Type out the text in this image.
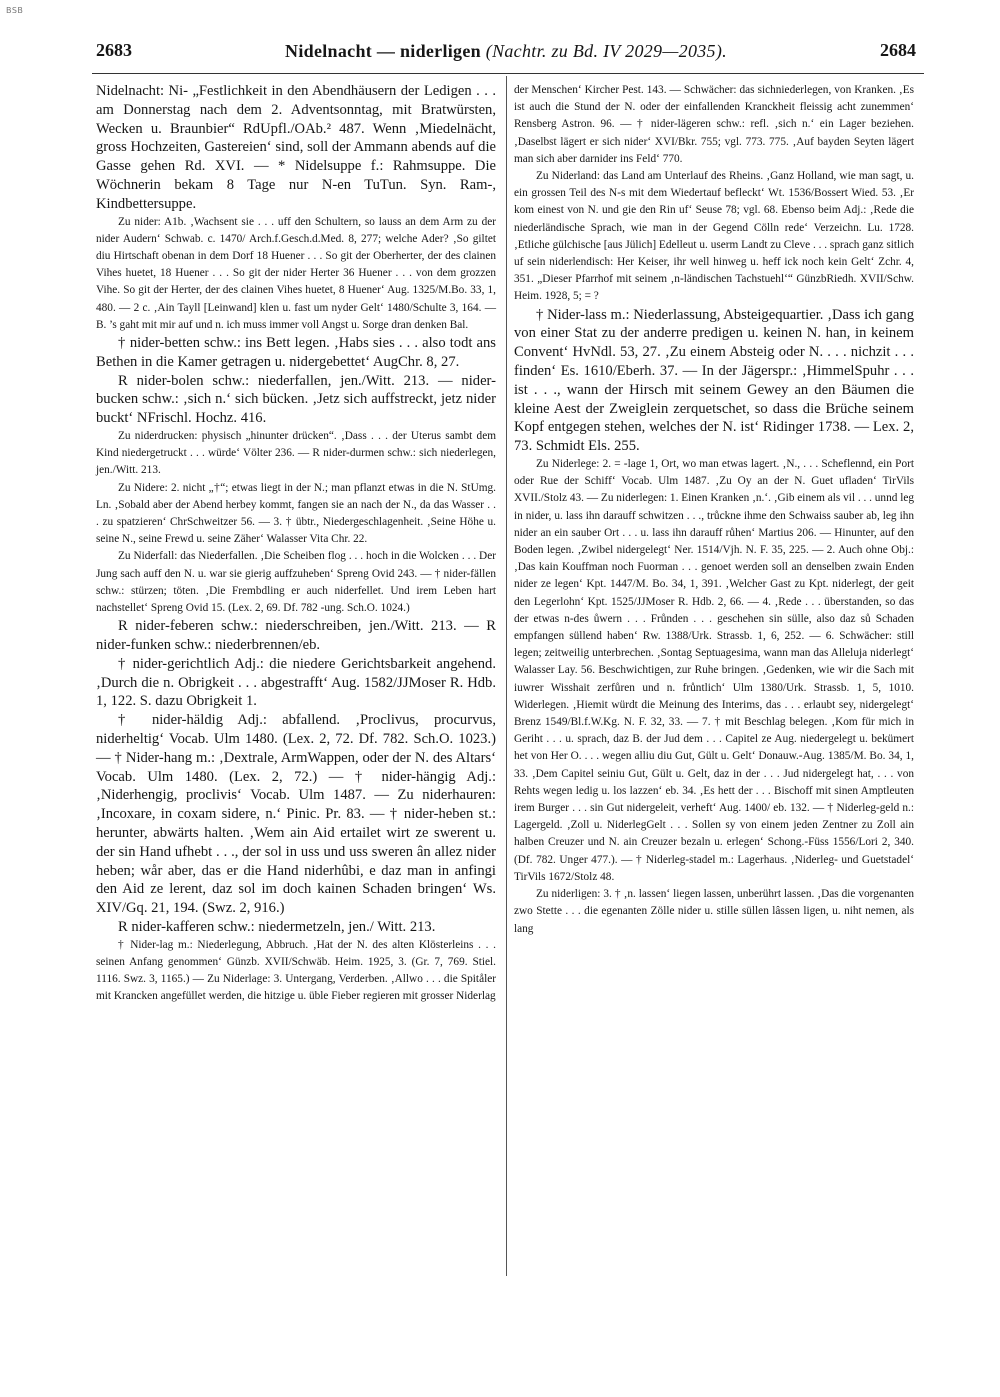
BSB
2683	Nidelnacht — niderligen (Nachtr. zu Bd. IV 2029—2035).	2684

Nidelnacht: Ni- „Festlichkeit in den Abendhäusern der Ledigen . . . am Donnerstag nach dem 2. Adventsonntag, mit Bratwürsten, Wecken u. Braunbier“ RdUpfl./OAb.² 487. Wenn ‚Miedelnächt, gross Hochzeiten, Gastereien‘ sind, soll der Ammann abends auf die Gasse gehen Rd. XVI. — * Nidelsuppe f.: Rahmsuppe. Die Wöchnerin bekam 8 Tage nur N-en TuTun. Syn. Ram-, Kindbettersuppe.

Zu nider: A1b. ‚Wachsent sie . . . uff den Schultern, so lauss an dem Arm zu der nider Audern‘ Schwab. c. 1470/ Arch.f.Gesch.d.Med. 8, 277; welche Ader? ‚So giltet diu Hirtschaft obenan in dem Dorf 18 Huener . . . So git der Oberherter, der des clainen Vihes huetet, 18 Huener . . . So git der nider Herter 36 Huener . . . von dem grozzen Vihe. So git der Herter, der des clainen Vihes huetet, 8 Huener‘ Aug. 1325/M.Bo. 33, 1, 480. — 2 c. ‚Ain Tayll [Leinwand] klen u. fast um nyder Gelt‘ 1480/Schulte 3, 164. — B. ’s gaht mit mir auf und n. ich muss immer voll Angst u. Sorge dran denken Bal.

† nider-betten schw.: ins Bett legen. ‚Habs sies . . . also todt ans Bethen in die Kamer getragen u. nidergebettet‘ AugChr. 8, 27.

R nider-bolen schw.: niederfallen, jen./Witt. 213. — nider-bucken schw.: ‚sich n.‘ sich bücken. ‚Jetz sich auffstreckt, jetz nider buckt‘ NFrischl. Hochz. 416.

Zu niderdrucken: physisch „hinunter drücken“. ‚Dass . . . der Uterus sambt dem Kind niedergetruckt . . . würde‘ Völter 236. — R nider-durmen schw.: sich niederlegen, jen./Witt. 213.

Zu Nidere: 2. nicht „†“; etwas liegt in der N.; man pflanzt etwas in die N. StUmg. Ln. ‚Sobald aber der Abend herbey kommt, fangen sie an nach der N., da das Wasser . . . zu spatzieren‘ ChrSchweitzer 56. — 3. † übtr., Niedergeschlagenheit. ‚Seine Höhe u. seine N., seine Frewd u. seine Zäher‘ Walasser Vita Chr. 22.

Zu Niderfall: das Niederfallen. ‚Die Scheiben flog . . . hoch in die Wolcken . . . Der Jung sach auff den N. u. war sie gierig auffzuheben‘ Spreng Ovid 243. — † nider-fällen schw.: stürzen; töten. ‚Die Frembdling er auch niderfellet. Und irem Leben hart nachstellet‘ Spreng Ovid 15. (Lex. 2, 69. Df. 782 -ung. Sch.O. 1024.)

R nider-feberen schw.: niederschreiben, jen./Witt. 213. — R nider-funken schw.: niederbrennen/eb.

† nider-gerichtlich Adj.: die niedere Gerichtsbarkeit angehend. ‚Durch die n. Obrigkeit . . . abgestrafft‘ Aug. 1582/JJMoser R. Hdb. 1, 122. S. dazu Obrigkeit 1.

† nider-häldig Adj.: abfallend. ‚Proclivus, procurvus, niderheltig‘ Vocab. Ulm 1480. (Lex. 2, 72. Df. 782. Sch.O. 1023.) — † Nider-hang m.: ‚Dextrale, ArmWappen, oder der N. des Altars‘ Vocab. Ulm 1480. (Lex. 2, 72.) — † nider-hängig Adj.: ‚Niderhengig, proclivis‘ Vocab. Ulm 1487. — Zu niderhauren: ‚Incoxare, in coxam sidere, n.‘ Pinic. Pr. 83. — † nider-heben st.: herunter, abwärts halten. ‚Wem ain Aid ertailet wirt ze swerent u. der sin Hand ufhebt . . ., der sol in uss und uss sweren ân allez nider heben; wår aber, das er die Hand niderhûbi, e daz man in anfingi den Aid ze lerent, daz sol im doch kainen Schaden bringen‘ Ws. XIV/Gq. 21, 194. (Swz. 2, 916.)

R nider-kafferen schw.: niedermetzeln, jen./ Witt. 213.

† Nider-lag m.: Niederlegung, Abbruch. ‚Hat der N. des alten Klösterleins . . . seinen Anfang genommen‘ Günzb. XVII/Schwäb. Heim. 1925, 3. (Gr. 7, 769. Stiel. 1116. Swz. 3, 1165.) — Zu Niderlage: 3. Untergang, Verderben. ‚Allwo . . . die Spitåler mit Krancken angefüllet werden, die hitzige u. üble Fieber regieren mit grosser Niderlag

der Menschen‘ Kircher Pest. 143. — Schwächer: das sichniederlegen, von Kranken. ‚Es ist auch die Stund der N. oder der einfallenden Kranckheit fleissig acht zunemmen‘ Rensberg Astron. 96. — † nider-lägeren schw.: refl. ‚sich n.‘ ein Lager beziehen. ‚Daselbst lägert er sich nider‘ XVI/Bkr. 755; vgl. 773. 775. ‚Auf bayden Seyten lägert man sich aber darnider ins Feld‘ 770.

Zu Niderland: das Land am Unterlauf des Rheins. ‚Ganz Holland, wie man sagt, u. ein grossen Teil des N-s mit dem Wiedertauf befleckt‘ Wt. 1536/Bossert Wied. 53. ‚Er kom einest von N. und gie den Rin uf‘ Seuse 78; vgl. 68. Ebenso beim Adj.: ‚Rede die niederländische Sprach, wie man in der Gegend Cölln rede‘ Verzeichn. Lu. 1728. ‚Etliche gülchische [aus Jülich] Edelleut u. userm Landt zu Cleve . . . sprach ganz sitlich uf sein niderlendisch: Her Keiser, ihr well hinweg u. heff ick noch kein Gelt‘ Zchr. 4, 351. „Dieser Pfarrhof mit seinem ‚n-ländischen Tachstuehl‘“ GünzbRiedh. XVII/Schw. Heim. 1928, 5; = ?

† Nider-lass m.: Niederlassung, Absteigequartier. ‚Dass ich gang von einer Stat zu der anderre predigen u. keinen N. han, in keinem Convent‘ HvNdl. 53, 27. ‚Zu einem Absteig oder N. . . . nichzit . . . finden‘ Es. 1610/Eberh. 37. — In der Jägerspr.: ‚HimmelSpuhr . . . ist . . ., wann der Hirsch mit seinem Gewey an den Bäumen die kleine Aest der Zweiglein zerquetschet, so dass die Brüche seinem Kopf entgegen stehen, welches der N. ist‘ Ridinger 1738. — Lex. 2, 73. Schmidt Els. 255.

Zu Niderlege: 2. = -lage 1, Ort, wo man etwas lagert. ‚N., . . . Scheflennd, ein Port oder Rue der Schiff‘ Vocab. Ulm 1487. ‚Zu Oy an der N. Guet ufladen‘ TirVils XVII./Stolz 43. — Zu niderlegen: 1. Einen Kranken ‚n.‘. ‚Gib einem als vil . . . unnd leg in nider, u. lass ihn darauff schwitzen . . ., trůckne ihme den Schwaiss sauber ab, leg ihn nider an ein sauber Ort . . . u. lass ihn darauff růhen‘ Martius 206. — Hinunter, auf den Boden legen. ‚Zwibel nidergelegt‘ Ner. 1514/Vjh. N. F. 35, 225. — 2. Auch ohne Obj.: ‚Das kain Kouffman noch Fuorman . . . genoet werden soll an denselben zwain Enden nider ze legen‘ Kpt. 1447/M. Bo. 34, 1, 391. ‚Welcher Gast zu Kpt. niderlegt, der geit den Legerlohn‘ Kpt. 1525/JJMoser R. Hdb. 2, 66. — 4. ‚Rede . . . überstanden, so das der etwas n-des ůwern . . . Frůnden . . . geschehen sin sülle, also daz sů Schaden empfangen süllend haben‘ Rw. 1388/Urk. Strassb. 1, 6, 252. — 6. Schwächer: still legen; zeitweilig unterbrechen. ‚Sontag Septuagesima, wann man das Alleluja niderlegt‘ Walasser Lay. 56. Beschwichtigen, zur Ruhe bringen. ‚Gedenken, wie wir die Sach mit iuwrer Wisshait zerfůren und n. frůntlich‘ Ulm 1380/Urk. Strassb. 1, 5, 1010. Widerlegen. ‚Hiemit würdt die Meinung des Interims, das . . . erlaubt sey, nidergelegt‘ Brenz 1549/Bl.f.W.Kg. N. F. 32, 33. — 7. † mit Beschlag belegen. ‚Kom für mich in Geriht . . . u. sprach, daz B. der Jud dem . . . Capitel ze Aug. niedergelegt u. bekümert het von Her O. . . . wegen alliu diu Gut, Gült u. Gelt‘ Donauw.-Aug. 1385/M. Bo. 34, 1, 33. ‚Dem Capitel seiniu Gut, Gült u. Gelt, daz in der . . . Jud nidergelegt hat, . . . von Rehts wegen ledig u. los lazzen‘ eb. 34. ‚Es hett der . . . Bischoff mit sinen Amptleuten irem Burger . . . sin Gut nidergeleit, verheft‘ Aug. 1400/ eb. 132. — † Niderleg-geld n.: Lagergeld. ‚Zoll u. NiderlegGelt . . . Sollen sy von einem jeden Zentner zu Zoll ain halben Creuzer und N. ain Creuzer bezaln u. erlegen‘ Schong.-Füss 1556/Lori 2, 340. (Df. 782. Unger 477.). — † Niderleg-stadel m.: Lagerhaus. ‚Niderleg- und Guetstadel‘ TirVils 1672/Stolz 48.

Zu niderligen: 3. † ‚n. lassen‘ liegen lassen, unberührt lassen. ‚Das die vorgenanten zwo Stette . . . die egenanten Zölle nider u. stille süllen lâssen ligen, u. niht nemen, als lang
